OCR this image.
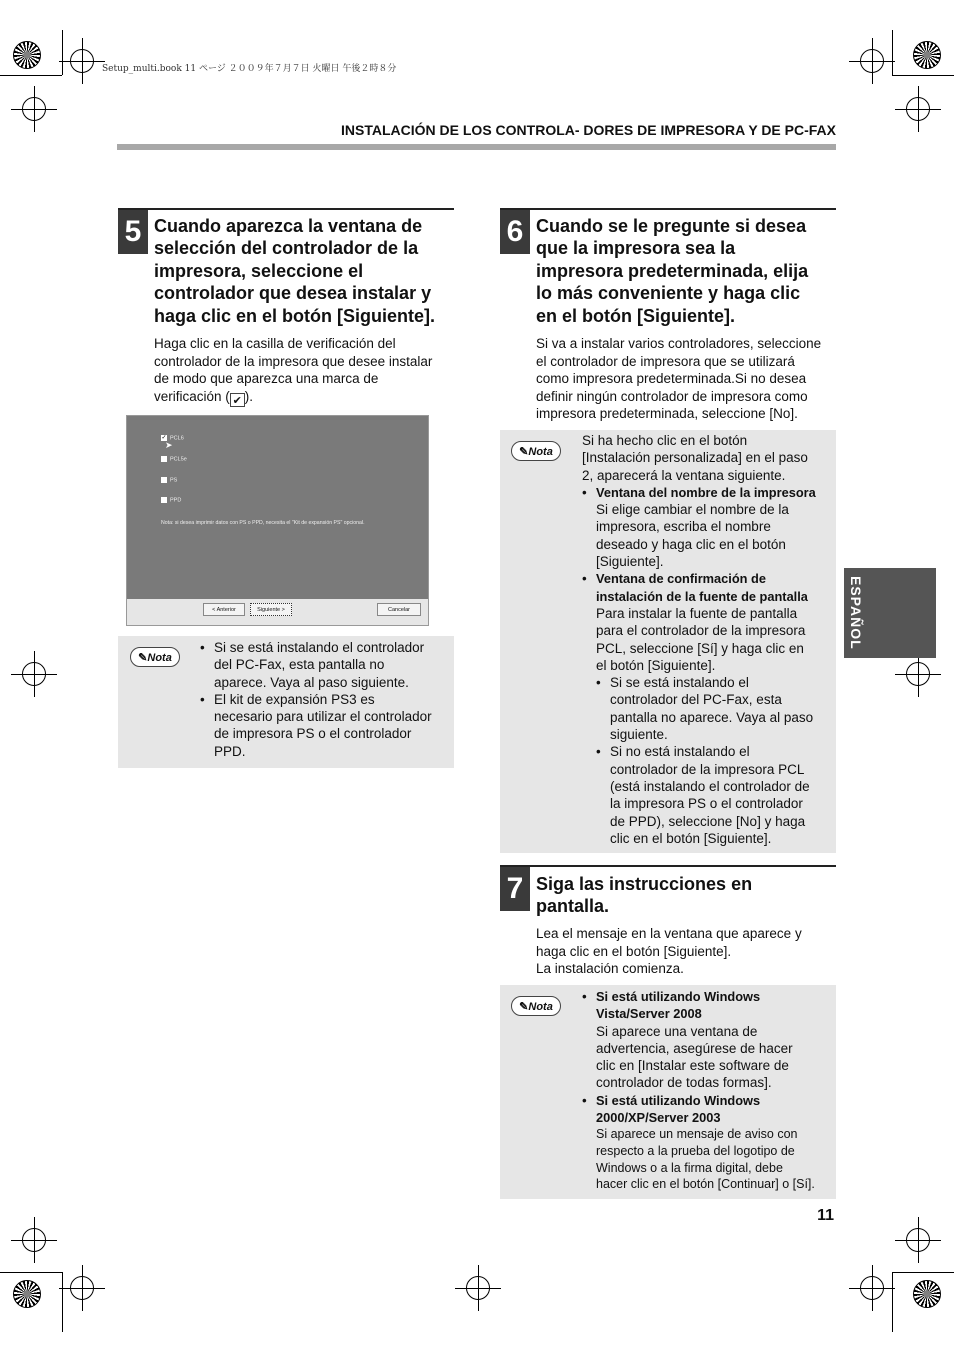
Setup_multi.book 11 ページ ２００９年７月７日 火曜日 午後２時８分
INSTALACIÓN DE LOS CONTROLA- DORES DE IMPRESORA Y DE PC-FAX
ESPAÑOL
5 Cuando aparezca la ventana de
selección del controlador de la
impresora, seleccione el
controlador que desea instalar y
haga clic en el botón [Siguiente].
Haga clic en la casilla de verificación del
controlador de la impresora que desee instalar
de modo que aparezca una marca de
verificación ( ✔ ).
✓ PCL6
PCL5e
PS
PPD
➤
Nota: si desea imprimir datos con PS o PPD, necesita el "Kit de expansión PS" opcional.
< Anterior	Siguiente >	Cancelar
✎Nota
• Si se está instalando el controlador
del PC-Fax, esta pantalla no
aparece. Vaya al paso siguiente.
• El kit de expansión PS3 es
necesario para utilizar el controlador
de impresora PS o el controlador
PPD.
6 Cuando se le pregunte si desea
que la impresora sea la
impresora predeterminada, elija
lo más conveniente y haga clic
en el botón [Siguiente].
Si va a instalar varios controladores, seleccione
el controlador de impresora que se utilizará
como impresora predeterminada.Si no desea
definir ningún controlador de impresora como
impresora predeterminada, seleccione [No].
✎Nota
Si ha hecho clic en el botón
[Instalación personalizada] en el paso
2, aparecerá la ventana siguiente.
• Ventana del nombre de la impresora
Si elige cambiar el nombre de la
impresora, escriba el nombre
deseado y haga clic en el botón
[Siguiente].
• Ventana de confirmación de
instalación de la fuente de pantalla
Para instalar la fuente de pantalla
para el controlador de la impresora
PCL, seleccione [Sí] y haga clic en
el botón [Siguiente].
• Si se está instalando el
controlador del PC-Fax, esta
pantalla no aparece. Vaya al paso
siguiente.
• Si no está instalando el
controlador de la impresora PCL
(está instalando el controlador de
la impresora PS o el controlador
de PPD), seleccione [No] y haga
clic en el botón [Siguiente].
7 Siga las instrucciones en
pantalla.
Lea el mensaje en la ventana que aparece y
haga clic en el botón [Siguiente].
La instalación comienza.
✎Nota
• Si está utilizando Windows
Vista/Server 2008
Si aparece una ventana de
advertencia, asegúrese de hacer
clic en [Instalar este software de
controlador de todas formas].
• Si está utilizando Windows
2000/XP/Server 2003
Si aparece un mensaje de aviso con
respecto a la prueba del logotipo de
Windows o a la firma digital, debe
hacer clic en el botón [Continuar] o [Sí].
11
